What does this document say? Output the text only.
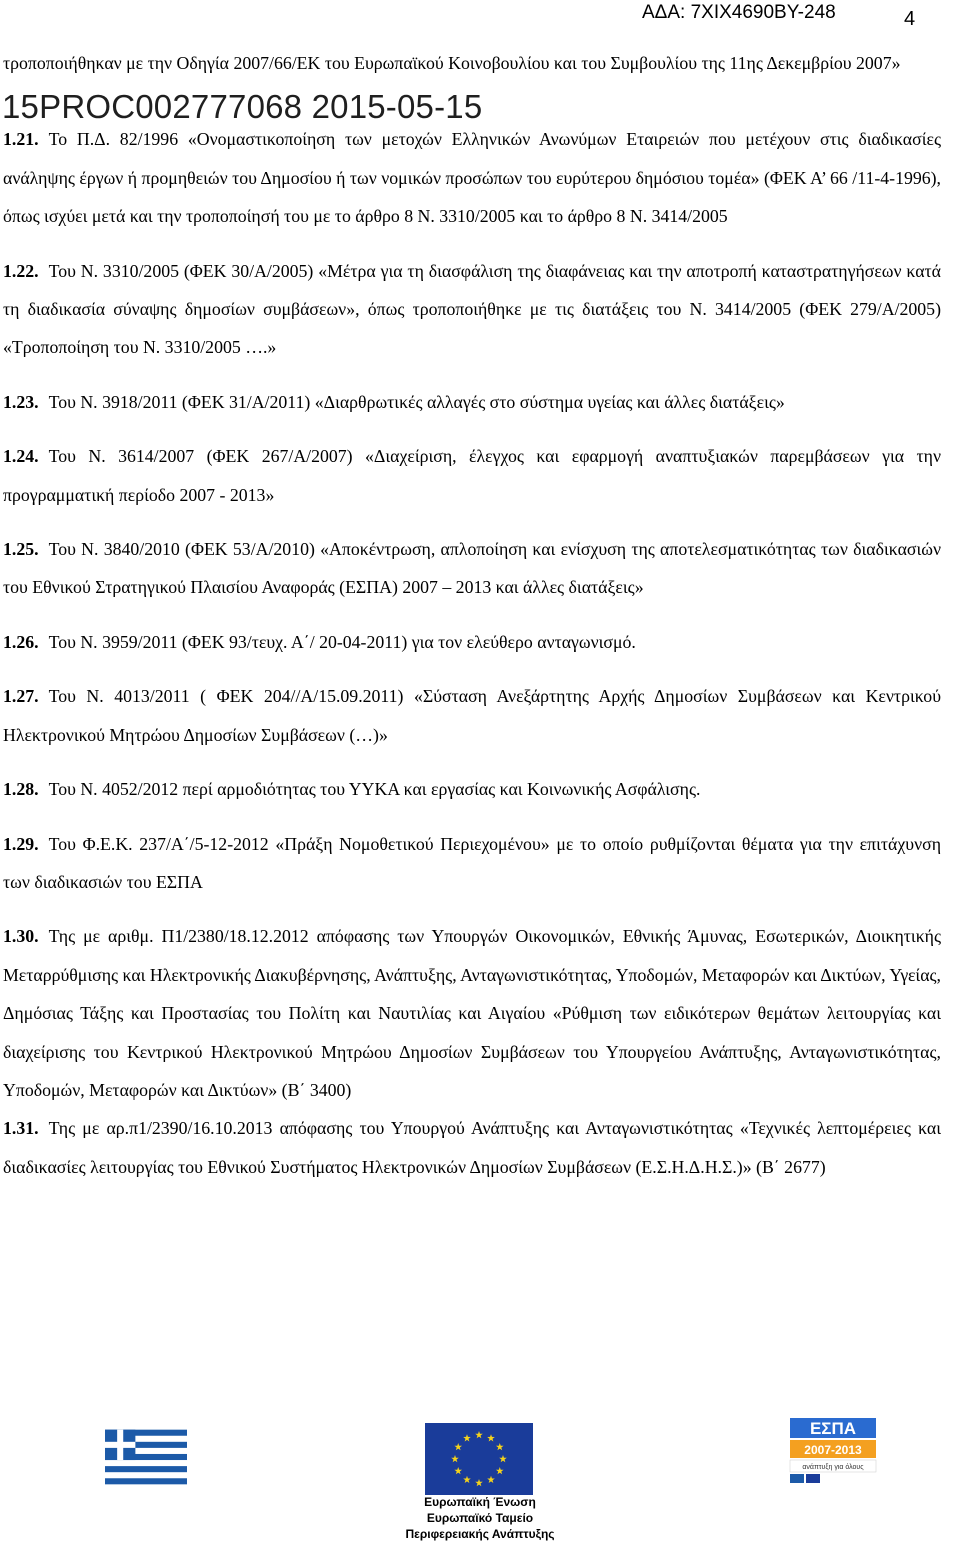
ΑΔΑ: 7ΧΙΧ4690ΒΥ-248	4

τροποποιήθηκαν με την Οδηγία 2007/66/ΕΚ του Ευρωπαϊκού Κοινοβουλίου και του Συμβουλίου της 11ης Δεκεμβρίου 2007»

1.21. Το Π.Δ. 82/1996 «Ονομαστικοποίηση των μετοχών Ελληνικών Ανωνύμων Εταιρειών που μετέχουν στις διαδικασίες ανάληψης έργων ή προμηθειών του Δημοσίου ή των νομικών προσώπων του ευρύτερου δημόσιου τομέα» (ΦΕΚ Α’ 66 /11-4-1996), όπως ισχύει μετά και την τροποποίησή του με το άρθρο 8 Ν. 3310/2005 και το άρθρο 8 Ν. 3414/2005

1.22. Του Ν. 3310/2005 (ΦΕΚ 30/Α/2005) «Μέτρα για τη διασφάλιση της διαφάνειας και την αποτροπή καταστρατηγήσεων κατά τη διαδικασία σύναψης δημοσίων συμβάσεων», όπως τροποποιήθηκε με τις διατάξεις του Ν. 3414/2005 (ΦΕΚ 279/Α/2005) «Τροποποίηση του Ν. 3310/2005 ….»

1.23. Του Ν. 3918/2011 (ΦΕΚ 31/Α/2011) «Διαρθρωτικές αλλαγές στο σύστημα υγείας και άλλες διατάξεις»

1.24. Του Ν. 3614/2007 (ΦΕΚ 267/Α/2007) «Διαχείριση, έλεγχος και εφαρμογή αναπτυξιακών παρεμβάσεων για την προγραμματική περίοδο 2007 - 2013»

1.25. Του Ν. 3840/2010 (ΦΕΚ 53/Α/2010) «Αποκέντρωση, απλοποίηση και ενίσχυση της αποτελεσματικότητας των διαδικασιών του Εθνικού Στρατηγικού Πλαισίου Αναφοράς (ΕΣΠΑ) 2007 – 2013 και άλλες διατάξεις»

1.26. Του Ν. 3959/2011 (ΦΕΚ 93/τευχ. Α΄/ 20-04-2011) για τον ελεύθερο ανταγωνισμό.

1.27. Του Ν. 4013/2011 ( ΦΕΚ 204//Α/15.09.2011) «Σύσταση Ανεξάρτητης Αρχής Δημοσίων Συμβάσεων και Κεντρικού Ηλεκτρονικού Μητρώου Δημοσίων Συμβάσεων (…)»

1.28. Του Ν. 4052/2012 περί αρμοδιότητας του ΥΥΚΑ και εργασίας και Κοινωνικής Ασφάλισης.

1.29. Του Φ.Ε.Κ. 237/Α΄/5-12-2012 «Πράξη Νομοθετικού Περιεχομένου» με το οποίο ρυθμίζονται θέματα για την επιτάχυνση των διαδικασιών του ΕΣΠΑ

1.30. Της με αριθμ. Π1/2380/18.12.2012 απόφασης των Υπουργών Οικονομικών, Εθνικής Άμυνας, Εσωτερικών, Διοικητικής Μεταρρύθμισης και Ηλεκτρονικής Διακυβέρνησης, Ανάπτυξης, Ανταγωνιστικότητας, Υποδομών, Μεταφορών και Δικτύων, Υγείας, Δημόσιας Τάξης και Προστασίας του Πολίτη και Ναυτιλίας και Αιγαίου «Ρύθμιση των ειδικότερων θεμάτων λειτουργίας και διαχείρισης του Κεντρικού Ηλεκτρονικού Μητρώου Δημοσίων Συμβάσεων του Υπουργείου Ανάπτυξης, Ανταγωνιστικότητας, Υποδομών, Μεταφορών και Δικτύων» (Β΄ 3400)

1.31. Της με αρ.π1/2390/16.10.2013 απόφασης του Υπουργού Ανάπτυξης και Ανταγωνιστικότητας «Τεχνικές λεπτομέρειες και διαδικασίες λειτουργίας του Εθνικού Συστήματος Ηλεκτρονικών Δημοσίων Συμβάσεων (Ε.Σ.Η.Δ.Η.Σ.)» (Β΄ 2677)

15PROC002777068 2015-05-15
Ευρωπαϊκή Ένωση
Ευρωπαϊκό Ταμείο
Περιφερειακής Ανάπτυξης
ΕΣΠΑ
2007-2013
ανάπτυξη για όλους
